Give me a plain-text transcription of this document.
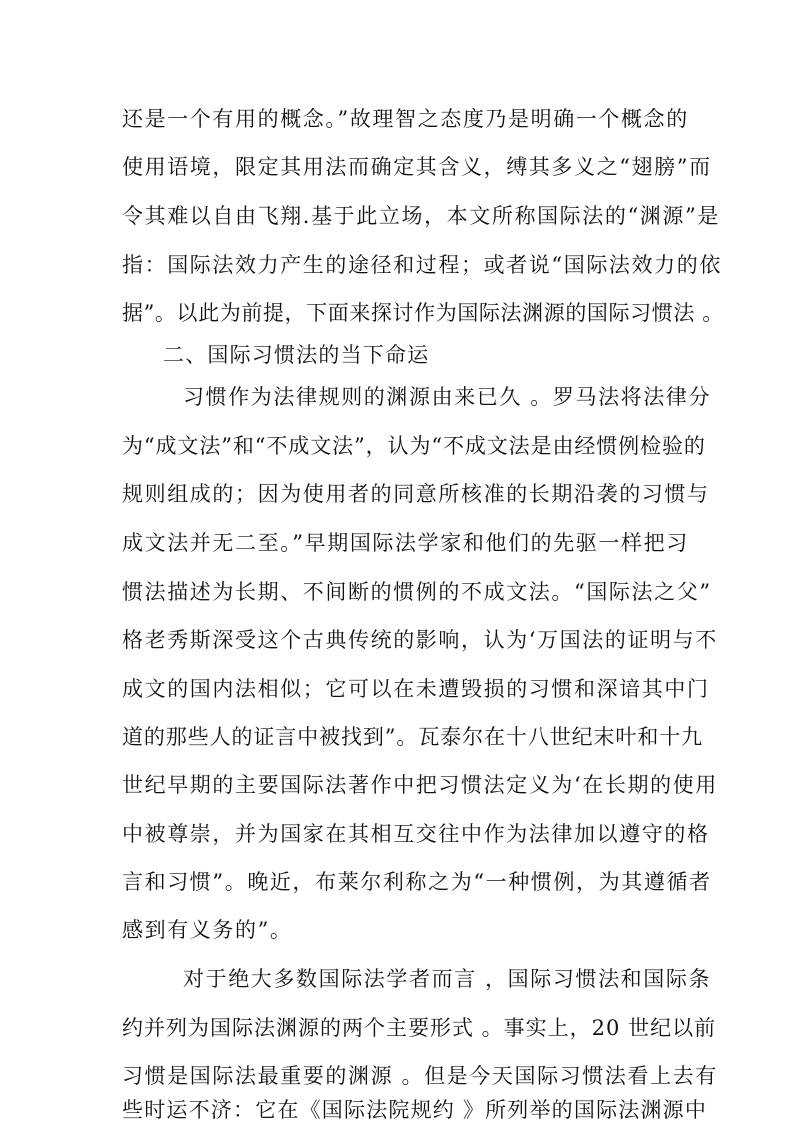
还是一个有用的概念。”故理智之态度乃是明确一个概念的
使用语境，限定其用法而确定其含义，缚其多义之“翅膀”而
令其难以自由飞翔.基于此立场，本文所称国际法的“渊源”是
指：国际法效力产生的途径和过程；或者说“国际法效力的依
据”。以此为前提，下面来探讨作为国际法渊源的国际习惯法 。
二、国际习惯法的当下命运
习惯作为法律规则的渊源由来已久 。罗马法将法律分
为“成文法”和“不成文法”，认为“不成文法是由经惯例检验的
规则组成的；因为使用者的同意所核准的长期沿袭的习惯与
成文法并无二至。”早期国际法学家和他们的先驱一样把习
惯法描述为长期、不间断的惯例的不成文法。“国际法之父”
格老秀斯深受这个古典传统的影响，认为‘万国法的证明与不
成文的国内法相似；它可以在未遭毁损的习惯和深谙其中门
道的那些人的证言中被找到”。瓦泰尔在十八世纪末叶和十九
世纪早期的主要国际法著作中把习惯法定义为‘在长期的使用
中被尊崇，并为国家在其相互交往中作为法律加以遵守的格
言和习惯”。晚近，布莱尔利称之为“一种惯例，为其遵循者
感到有义务的”。
对于绝大多数国际法学者而言 ，国际习惯法和国际条
约并列为国际法渊源的两个主要形式 。事实上，20 世纪以前
习惯是国际法最重要的渊源 。但是今天国际习惯法看上去有
些时运不济：它在《国际法院规约 》所列举的国际法渊源中
